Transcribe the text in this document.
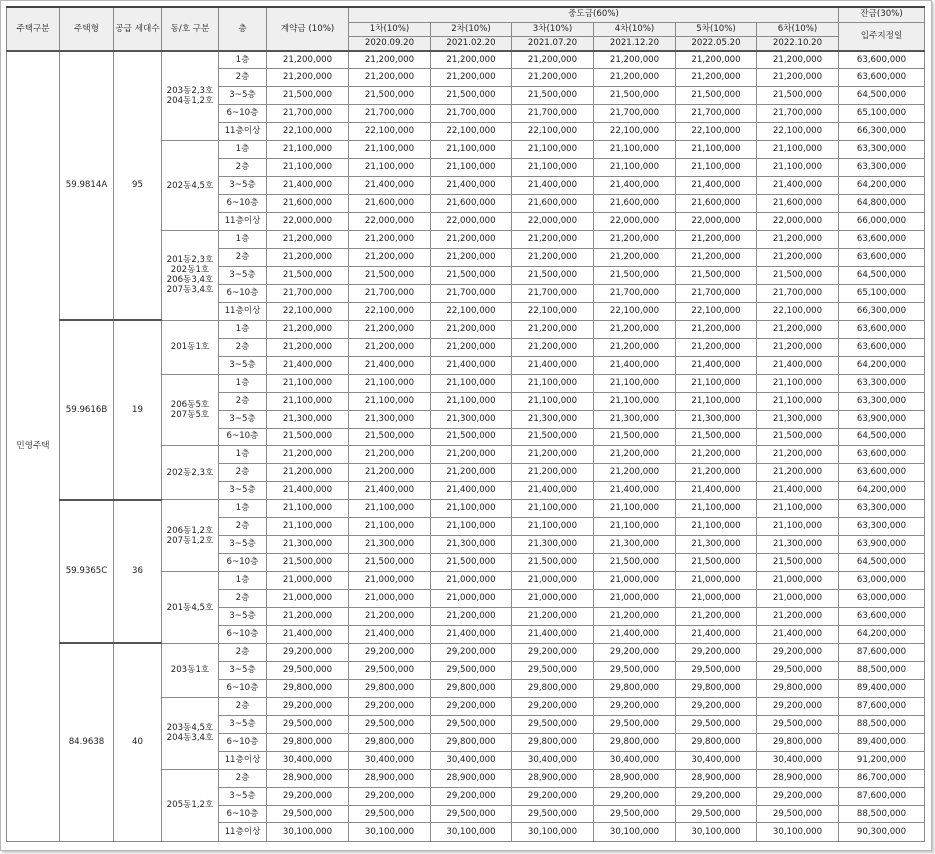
주택구분	주택형	공급 세대수	동/호 구분	층	계약금 (10%)	중도금(60%)						잔금(30%)
						1차(10%)	2차(10%)	3차(10%)	4차(10%)	5차(10%)	6차(10%)	입주지정일
						2020.09.20	2021.02.20	2021.07.20	2021.12.20	2022.05.20	2022.10.20	
민영주택	59.9814A	95	203동2,3호 204동1,2호	1층	21,200,000	21,200,000	21,200,000	21,200,000	21,200,000	21,200,000	21,200,000	63,600,000
				2층	21,200,000	21,200,000	21,200,000	21,200,000	21,200,000	21,200,000	21,200,000	63,600,000
				3~5층	21,500,000	21,500,000	21,500,000	21,500,000	21,500,000	21,500,000	21,500,000	64,500,000
				6~10층	21,700,000	21,700,000	21,700,000	21,700,000	21,700,000	21,700,000	21,700,000	65,100,000
				11층이상	22,100,000	22,100,000	22,100,000	22,100,000	22,100,000	22,100,000	22,100,000	66,300,000
			202동4,5호	1층	21,100,000	21,100,000	21,100,000	21,100,000	21,100,000	21,100,000	21,100,000	63,300,000
				2층	21,100,000	21,100,000	21,100,000	21,100,000	21,100,000	21,100,000	21,100,000	63,300,000
				3~5층	21,400,000	21,400,000	21,400,000	21,400,000	21,400,000	21,400,000	21,400,000	64,200,000
				6~10층	21,600,000	21,600,000	21,600,000	21,600,000	21,600,000	21,600,000	21,600,000	64,800,000
				11층이상	22,000,000	22,000,000	22,000,000	22,000,000	22,000,000	22,000,000	22,000,000	66,000,000
			201동2,3호 202동1호 206동3,4호 207동3,4호	1층	21,200,000	21,200,000	21,200,000	21,200,000	21,200,000	21,200,000	21,200,000	63,600,000
				2층	21,200,000	21,200,000	21,200,000	21,200,000	21,200,000	21,200,000	21,200,000	63,600,000
				3~5층	21,500,000	21,500,000	21,500,000	21,500,000	21,500,000	21,500,000	21,500,000	64,500,000
				6~10층	21,700,000	21,700,000	21,700,000	21,700,000	21,700,000	21,700,000	21,700,000	65,100,000
				11층이상	22,100,000	22,100,000	22,100,000	22,100,000	22,100,000	22,100,000	22,100,000	66,300,000
	59.9616B	19	201동1호	1층	21,200,000	21,200,000	21,200,000	21,200,000	21,200,000	21,200,000	21,200,000	63,600,000
				2층	21,200,000	21,200,000	21,200,000	21,200,000	21,200,000	21,200,000	21,200,000	63,600,000
				3~5층	21,400,000	21,400,000	21,400,000	21,400,000	21,400,000	21,400,000	21,400,000	64,200,000
			206동5호 207동5호	1층	21,100,000	21,100,000	21,100,000	21,100,000	21,100,000	21,100,000	21,100,000	63,300,000
				2층	21,100,000	21,100,000	21,100,000	21,100,000	21,100,000	21,100,000	21,100,000	63,300,000
				3~5층	21,300,000	21,300,000	21,300,000	21,300,000	21,300,000	21,300,000	21,300,000	63,900,000
				6~10층	21,500,000	21,500,000	21,500,000	21,500,000	21,500,000	21,500,000	21,500,000	64,500,000
			202동2,3호	1층	21,200,000	21,200,000	21,200,000	21,200,000	21,200,000	21,200,000	21,200,000	63,600,000
				2층	21,200,000	21,200,000	21,200,000	21,200,000	21,200,000	21,200,000	21,200,000	63,600,000
				3~5층	21,400,000	21,400,000	21,400,000	21,400,000	21,400,000	21,400,000	21,400,000	64,200,000
	59.9365C	36	206동1,2호 207동1,2호	1층	21,100,000	21,100,000	21,100,000	21,100,000	21,100,000	21,100,000	21,100,000	63,300,000
				2층	21,100,000	21,100,000	21,100,000	21,100,000	21,100,000	21,100,000	21,100,000	63,300,000
				3~5층	21,300,000	21,300,000	21,300,000	21,300,000	21,300,000	21,300,000	21,300,000	63,900,000
				6~10층	21,500,000	21,500,000	21,500,000	21,500,000	21,500,000	21,500,000	21,500,000	64,500,000
			201동4,5호	1층	21,000,000	21,000,000	21,000,000	21,000,000	21,000,000	21,000,000	21,000,000	63,000,000
				2층	21,000,000	21,000,000	21,000,000	21,000,000	21,000,000	21,000,000	21,000,000	63,000,000
				3~5층	21,200,000	21,200,000	21,200,000	21,200,000	21,200,000	21,200,000	21,200,000	63,600,000
				6~10층	21,400,000	21,400,000	21,400,000	21,400,000	21,400,000	21,400,000	21,400,000	64,200,000
	84.9638	40	203동1호	2층	29,200,000	29,200,000	29,200,000	29,200,000	29,200,000	29,200,000	29,200,000	87,600,000
				3~5층	29,500,000	29,500,000	29,500,000	29,500,000	29,500,000	29,500,000	29,500,000	88,500,000
				6~10층	29,800,000	29,800,000	29,800,000	29,800,000	29,800,000	29,800,000	29,800,000	89,400,000
			203동4,5호 204동3,4호	2층	29,200,000	29,200,000	29,200,000	29,200,000	29,200,000	29,200,000	29,200,000	87,600,000
				3~5층	29,500,000	29,500,000	29,500,000	29,500,000	29,500,000	29,500,000	29,500,000	88,500,000
				6~10층	29,800,000	29,800,000	29,800,000	29,800,000	29,800,000	29,800,000	29,800,000	89,400,000
				11층이상	30,400,000	30,400,000	30,400,000	30,400,000	30,400,000	30,400,000	30,400,000	91,200,000
			205동1,2호	2층	28,900,000	28,900,000	28,900,000	28,900,000	28,900,000	28,900,000	28,900,000	86,700,000
				3~5층	29,200,000	29,200,000	29,200,000	29,200,000	29,200,000	29,200,000	29,200,000	87,600,000
				6~10층	29,500,000	29,500,000	29,500,000	29,500,000	29,500,000	29,500,000	29,500,000	88,500,000
				11층이상	30,100,000	30,100,000	30,100,000	30,100,000	30,100,000	30,100,000	30,100,000	90,300,000
